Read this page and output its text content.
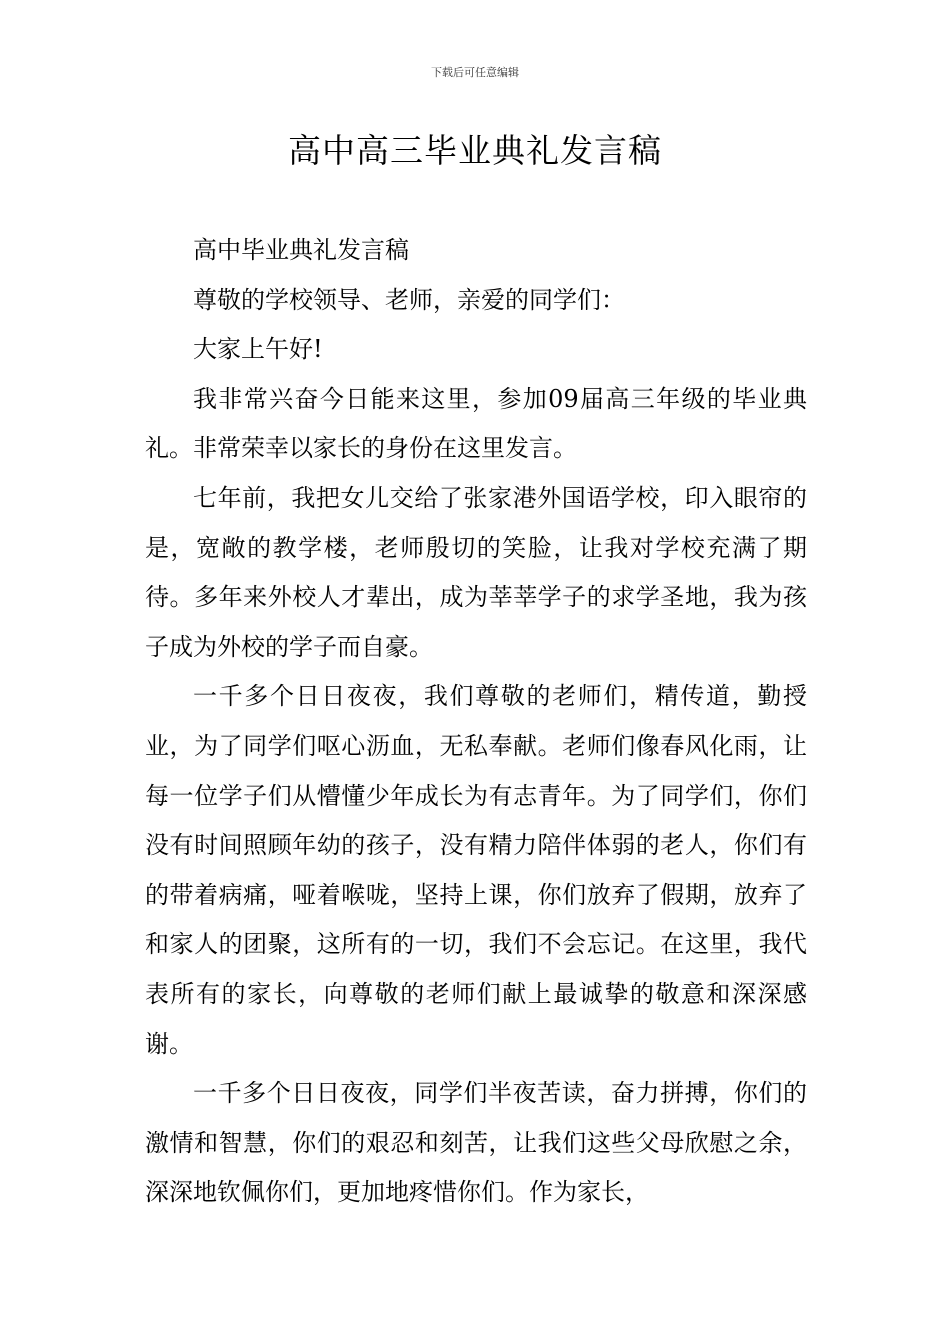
下载后可任意编辑
高中高三毕业典礼发言稿

高中毕业典礼发言稿

尊敬的学校领导、老师，亲爱的同学们：

大家上午好!

我非常兴奋今日能来这里，参加09届高三年级的毕业典礼。非常荣幸以家长的身份在这里发言。

七年前，我把女儿交给了张家港外国语学校，印入眼帘的是，宽敞的教学楼，老师殷切的笑脸，让我对学校充满了期待。多年来外校人才辈出，成为莘莘学子的求学圣地，我为孩子成为外校的学子而自豪。

一千多个日日夜夜，我们尊敬的老师们，精传道，勤授业，为了同学们呕心沥血，无私奉献。老师们像春风化雨，让每一位学子们从懵懂少年成长为有志青年。为了同学们，你们没有时间照顾年幼的孩子，没有精力陪伴体弱的老人，你们有的带着病痛，哑着喉咙，坚持上课，你们放弃了假期，放弃了和家人的团聚，这所有的一切，我们不会忘记。在这里，我代表所有的家长，向尊敬的老师们献上最诚挚的敬意和深深感谢。

一千多个日日夜夜，同学们半夜苦读，奋力拼搏，你们的激情和智慧，你们的艰忍和刻苦，让我们这些父母欣慰之余，深深地钦佩你们，更加地疼惜你们。作为家长，
